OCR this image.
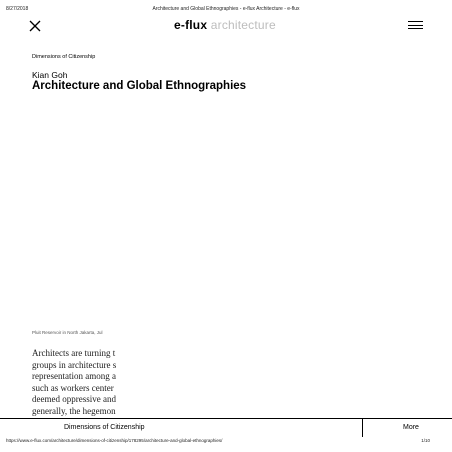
8/27/2018	Architecture and Global Ethnographies - e-flux Architecture - e-flux
e-flux architecture
Dimensions of Citizenship
Kian Goh
Architecture and Global Ethnographies
Pluit Reservoir in North Jakarta, Jul
Architects are turning t
groups in architecture s
representation among a
such as workers center
deemed oppressive and
generally, the hegemon
Dimensions of Citizenship	More
https://www.e-flux.com/architecture/dimensions-of-citizenship/178295/architecture-and-global-ethnographies/	1/10
